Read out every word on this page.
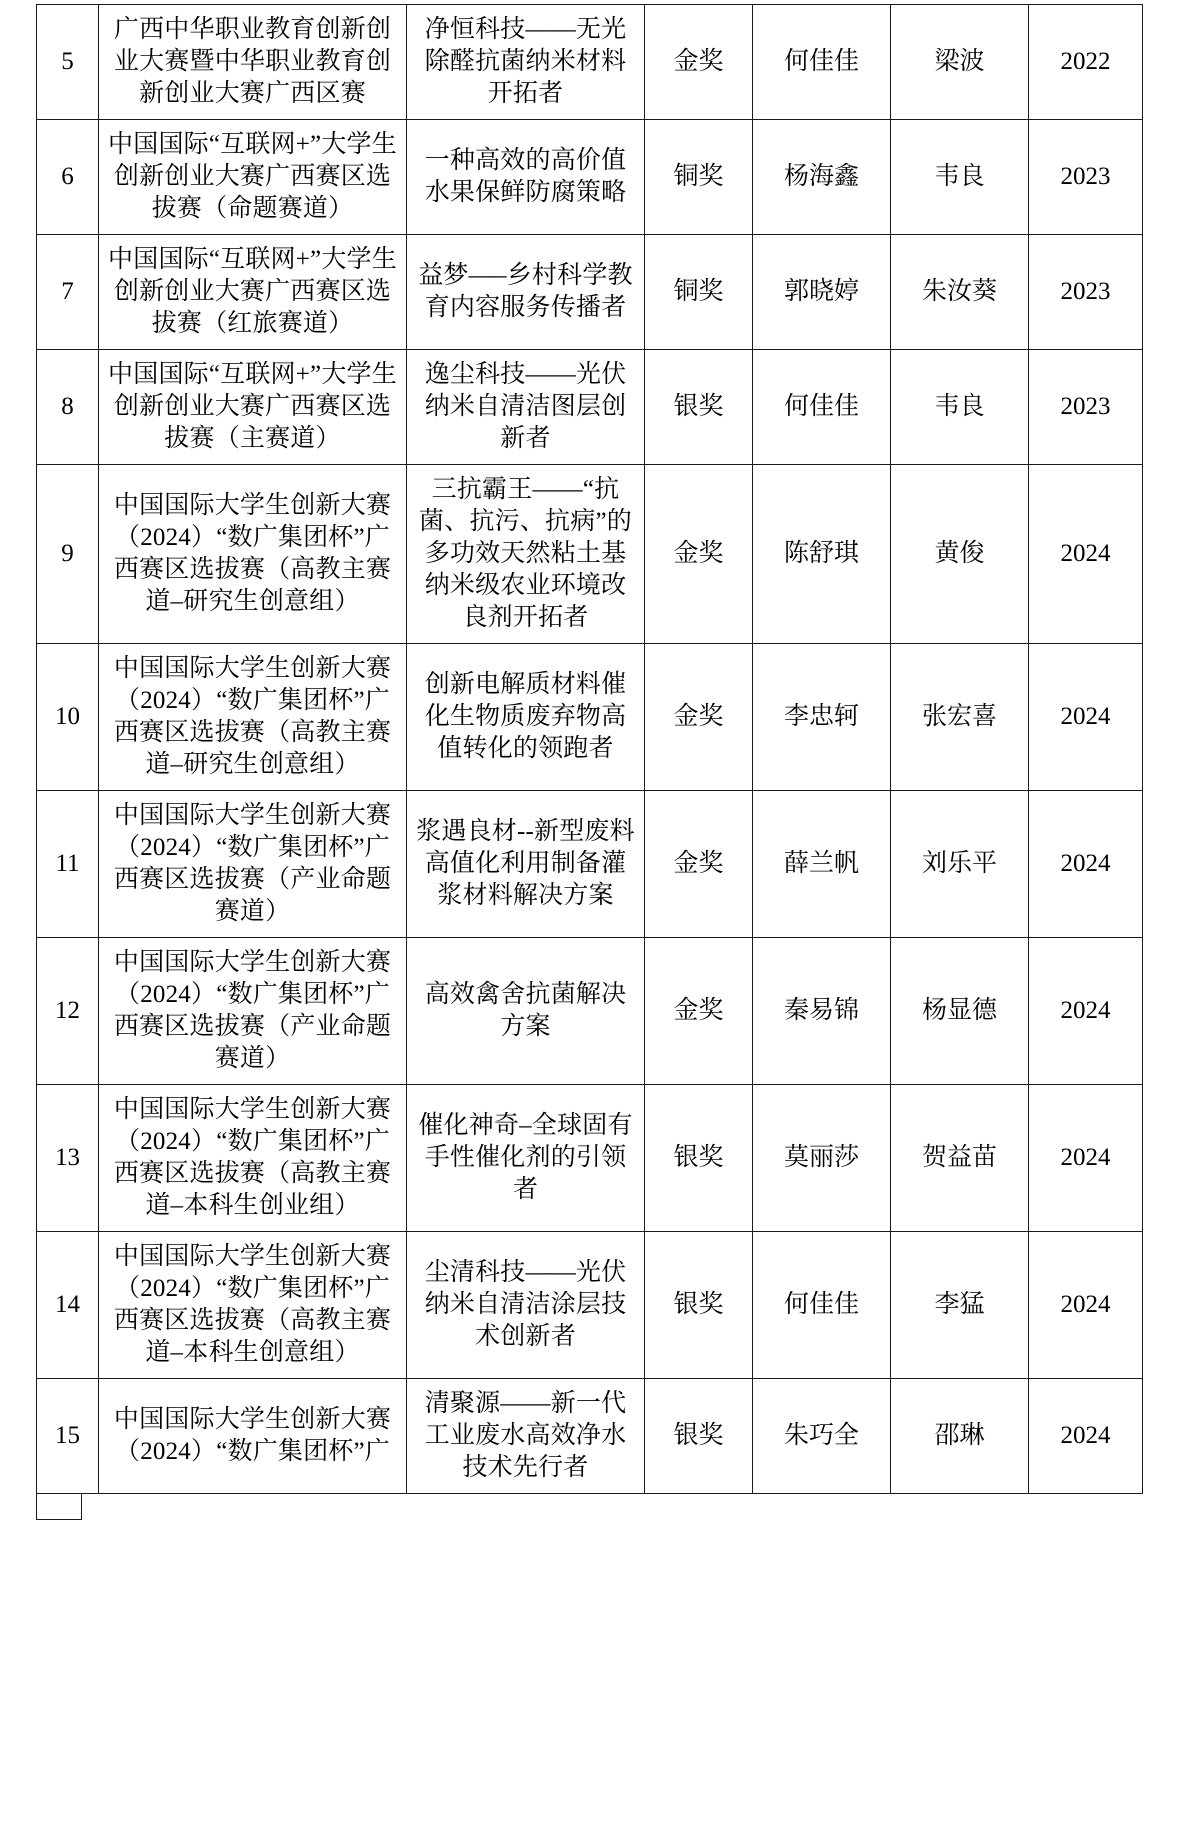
5	广西中华职业教育创新创业大赛暨中华职业教育创新创业大赛广西区赛	净恒科技——无光除醛抗菌纳米材料开拓者	金奖	何佳佳	梁波	2022
6	中国国际“互联网+”大学生创新创业大赛广西赛区选拔赛（命题赛道）	一种高效的高价值水果保鲜防腐策略	铜奖	杨海鑫	韦良	2023
7	中国国际“互联网+”大学生创新创业大赛广西赛区选拔赛（红旅赛道）	益梦–––乡村科学教育内容服务传播者	铜奖	郭晓婷	朱汝葵	2023
8	中国国际“互联网+”大学生创新创业大赛广西赛区选拔赛（主赛道）	逸尘科技——光伏纳米自清洁图层创新者	银奖	何佳佳	韦良	2023
9	中国国际大学生创新大赛（2024）“数广集团杯”广西赛区选拔赛（高教主赛道–研究生创意组）	三抗霸王——“抗菌、抗污、抗病”的多功效天然粘土基纳米级农业环境改良剂开拓者	金奖	陈舒琪	黄俊	2024
10	中国国际大学生创新大赛（2024）“数广集团杯”广西赛区选拔赛（高教主赛道–研究生创意组）	创新电解质材料催化生物质废弃物高值转化的领跑者	金奖	李忠轲	张宏喜	2024
11	中国国际大学生创新大赛（2024）“数广集团杯”广西赛区选拔赛（产业命题赛道）	浆遇良材--新型废料高值化利用制备灌浆材料解决方案	金奖	薛兰帆	刘乐平	2024
12	中国国际大学生创新大赛（2024）“数广集团杯”广西赛区选拔赛（产业命题赛道）	高效禽舍抗菌解决方案	金奖	秦易锦	杨显德	2024
13	中国国际大学生创新大赛（2024）“数广集团杯”广西赛区选拔赛（高教主赛道–本科生创业组）	催化神奇–全球固有手性催化剂的引领者	银奖	莫丽莎	贺益苗	2024
14	中国国际大学生创新大赛（2024）“数广集团杯”广西赛区选拔赛（高教主赛道–本科生创意组）	尘清科技——光伏纳米自清洁涂层技术创新者	银奖	何佳佳	李猛	2024
15	中国国际大学生创新大赛（2024）“数广集团杯”广	清聚源——新一代工业废水高效净水技术先行者	银奖	朱巧全	邵琳	2024
